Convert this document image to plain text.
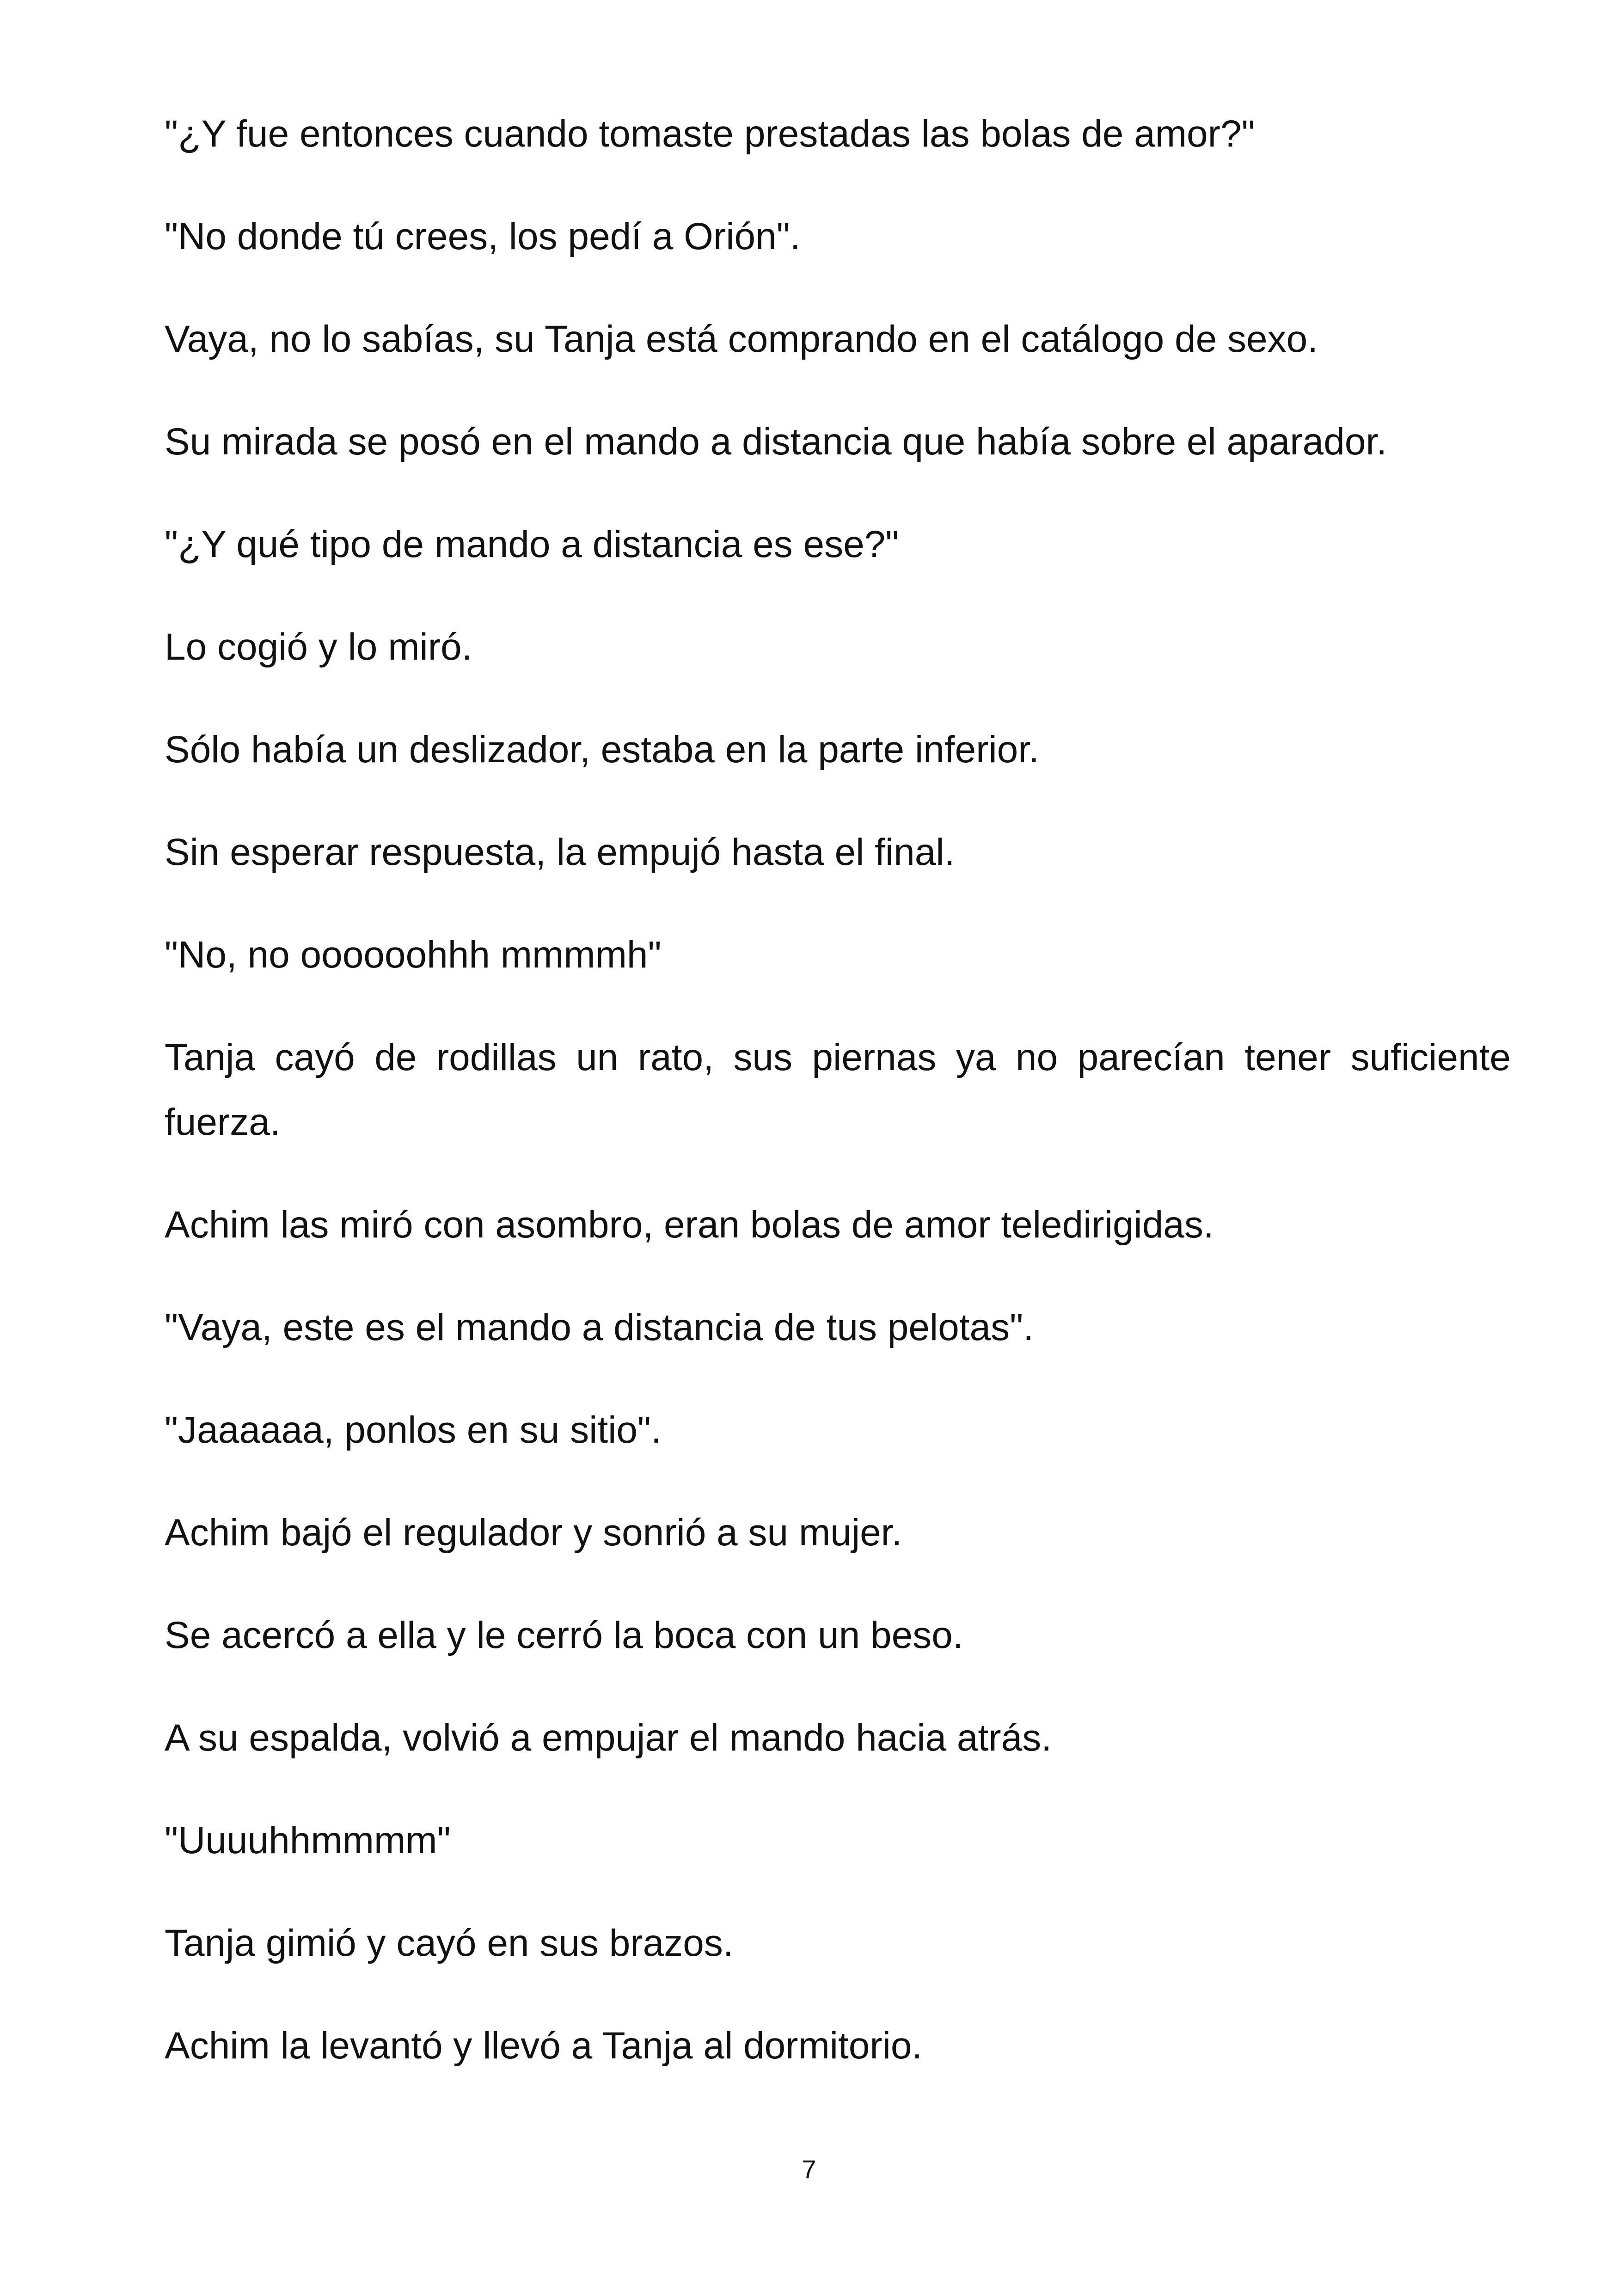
"¿Y fue entonces cuando tomaste prestadas las bolas de amor?"

"No donde tú crees, los pedí a Orión".

Vaya, no lo sabías, su Tanja está comprando en el catálogo de sexo.

Su mirada se posó en el mando a distancia que había sobre el aparador.

"¿Y qué tipo de mando a distancia es ese?"

Lo cogió y lo miró.

Sólo había un deslizador, estaba en la parte inferior.

Sin esperar respuesta, la empujó hasta el final.

"No, no oooooohhh mmmmh"

Tanja cayó de rodillas un rato, sus piernas ya no parecían tener suficiente fuerza.

Achim las miró con asombro, eran bolas de amor teledirigidas.

"Vaya, este es el mando a distancia de tus pelotas".

"Jaaaaaa, ponlos en su sitio".

Achim bajó el regulador y sonrió a su mujer.

Se acercó a ella y le cerró la boca con un beso.

A su espalda, volvió a empujar el mando hacia atrás.

"Uuuuhhmmmm"

Tanja gimió y cayó en sus brazos.

Achim la levantó y llevó a Tanja al dormitorio.

7
